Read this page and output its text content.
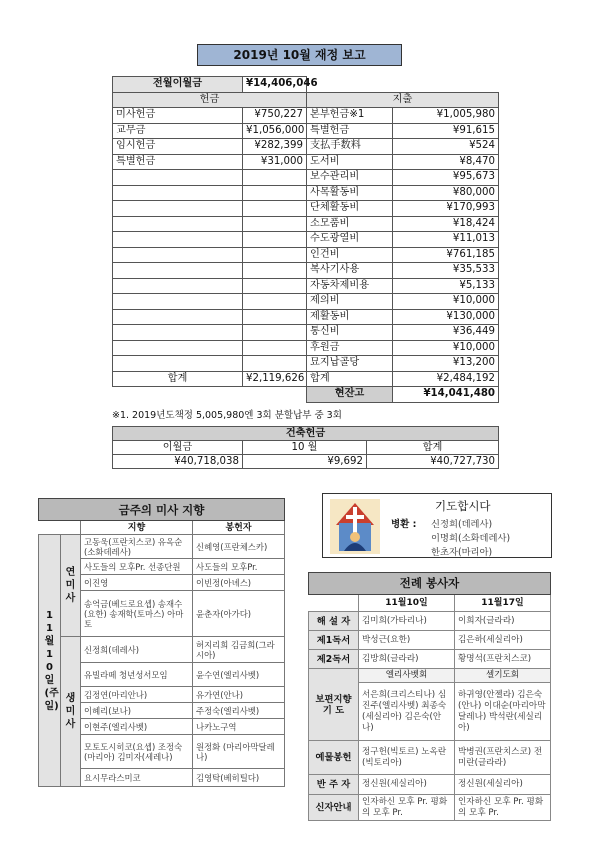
2019년 10월 재정 보고
전월이월금	¥14,406,046		
헌금		지출	
미사헌금	¥750,227	본부헌금※1	¥1,005,980
교무금	¥1,056,000	특별헌금	¥91,615
임시헌금	¥282,399	支払手数料	¥524
특별헌금	¥31,000	도서비	¥8,470
		보수관리비	¥95,673
		사목활동비	¥80,000
		단체활동비	¥170,993
		소모품비	¥18,424
		수도광열비	¥11,013
		인건비	¥761,185
		복사기사용	¥35,533
		자동차제비용	¥5,133
		제의비	¥10,000
		제활동비	¥130,000
		통신비	¥36,449
		후원금	¥10,000
		묘지납골당	¥13,200
합계	¥2,119,626	합계	¥2,484,192
		현잔고	¥14,041,480
※1. 2019년도책정 5,005,980엔 3회 분할납부 중 3회
건축헌금		
이월금	10 월	합계
¥40,718,038	¥9,692	¥40,727,730
금주의 미사 지향			
		지향	봉헌자
11월10일(주일)	연미사	고동욱(프란치스코) 유옥순(소화데레사)	신혜영(프란체스카)
		사도들의 모후Pr. 선종단원	사도들의 모후Pr.
		이진영	이빈정(아녜스)
		송억금(베드로요셉) 송재수(요한) 송재학(토마스) 아마토	윤춘자(아가다)
	생미사	신정희(데레사)	허지리희 김금희(그라시아)
		유빌라떼 청년성서모임	윤수연(엘리사벳)
		김정연(마리안나)	유가연(안나)
		이혜리(보나)	주정숙(엘리사벳)
		이현주(엘리사벳)	나카노구역
		모토도시히코(요셉) 조정숙(마리아) 김미자(세레나)	원정화 (마리아막달레나)
		요시무라스미코	김영탁(베히틸다)
기도합시다
병환 : 신정희(데레사)
이명희(소화데레사)
한초자(마리아)
전례 봉사자		
	11월10일	11월17일
해 설 자	김미희(가타리나)	이희자(글라라)
제1독서	박성근(요한)	김은하(세실리아)
제2독서	김방희(글라라)	황명석(프란치스코)
보편지향 기 도	엘리사벳회	셀기도회
	서은희(크리스티나) 심진주(엘리사벳) 최종숙(세실리아) 김은숙(안나)	하귀영(안젤라) 김은숙(안나) 이대순(마리아막달레나) 박석란(세실리아)
예물봉헌	정구헌(빅토르) 노옥란(빅토리아)	박병권(프란치스코) 전미란(글라라)
반 주 자	정신원(세실리아)	정신원(세실리아)
신자안내	인자하신 모후 Pr. 평화의 모후 Pr.	인자하신 모후 Pr. 평화의 모후 Pr.
